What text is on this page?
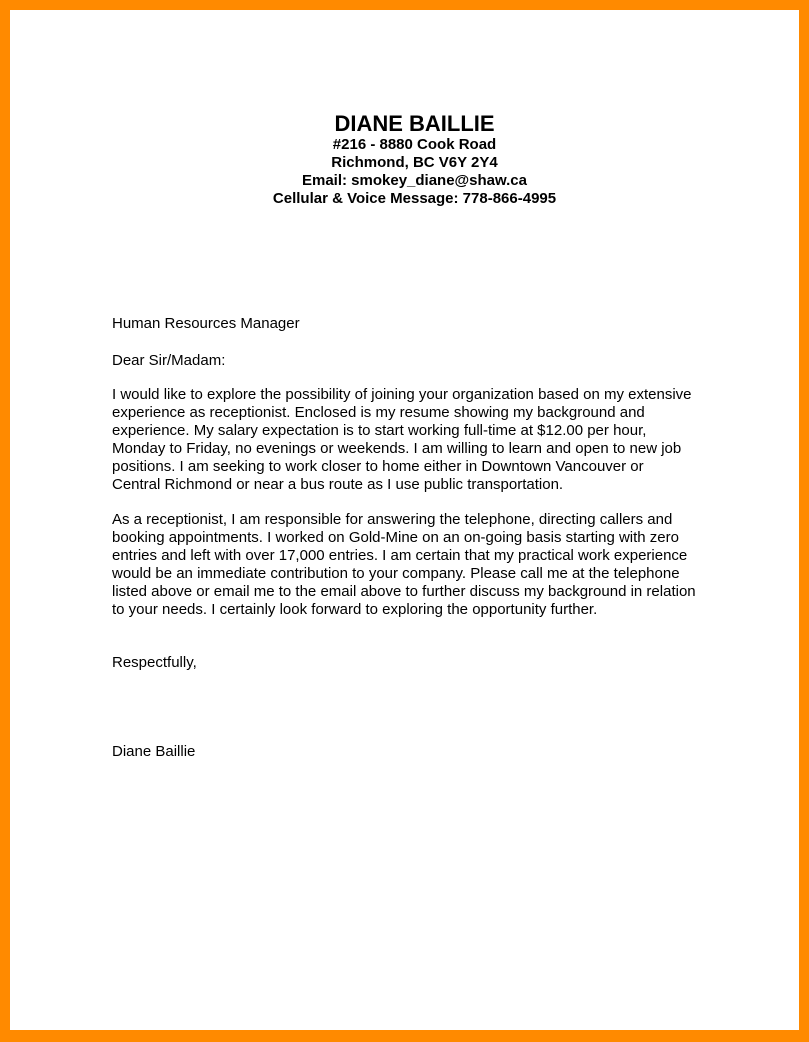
DIANE BAILLIE
#216 - 8880 Cook Road
Richmond, BC V6Y 2Y4
Email: smokey_diane@shaw.ca
Cellular & Voice Message: 778-866-4995
Human Resources Manager
Dear Sir/Madam:
I would like to explore the possibility of joining your organization based on my extensive
experience as receptionist. Enclosed is my resume showing my background and
experience. My salary expectation is to start working full-time at $12.00 per hour,
Monday to Friday, no evenings or weekends. I am willing to learn and open to new job
positions. I am seeking to work closer to home either in Downtown Vancouver or
Central Richmond or near a bus route as I use public transportation.
As a receptionist, I am responsible for answering the telephone, directing callers and
booking appointments. I worked on Gold-Mine on an on-going basis starting with zero
entries and left with over 17,000 entries. I am certain that my practical work experience
would be an immediate contribution to your company. Please call me at the telephone
listed above or email me to the email above to further discuss my background in relation
to your needs. I certainly look forward to exploring the opportunity further.
Respectfully,
Diane Baillie
